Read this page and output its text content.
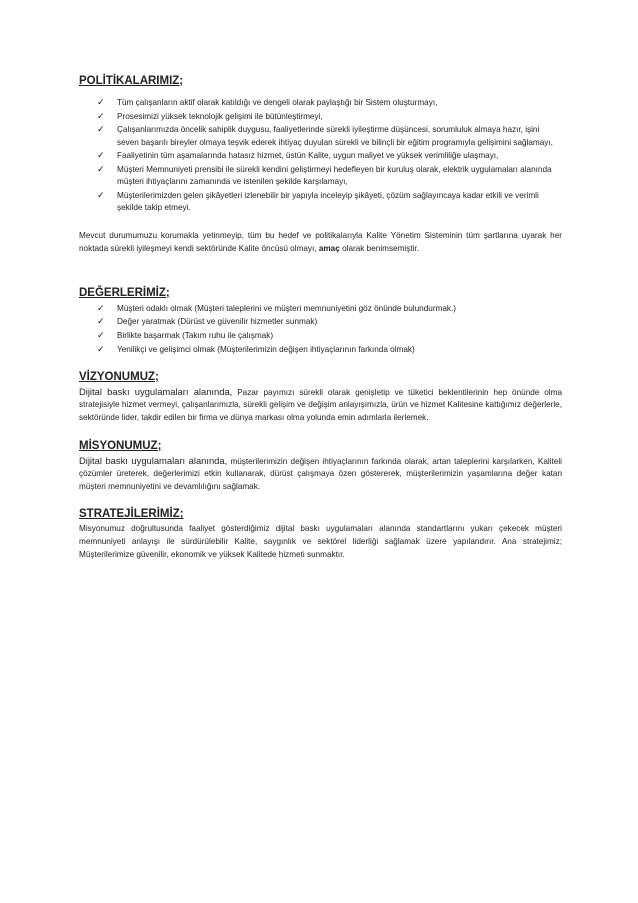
POLİTİKALARIMIZ;
✓ Tüm çalışanların aktif olarak katıldığı ve dengeli olarak paylaştığı bir Sistem oluşturmayı,
✓ Prosesimizi yüksek teknolojik gelişimi ile bütünleştirmeyi,
✓ Çalışanlarımızda öncelik sahiplik duygusu, faaliyetlerinde sürekli iyileştirme düşüncesi, sorumluluk almaya hazır, işini seven başarılı bireyler olmaya teşvik ederek ihtiyaç duyulan sürekli ve bilinçli bir eğitim programıyla gelişimini sağlamayı,
✓ Faaliyetinin tüm aşamalarında hatasız hizmet, üstün Kalite, uygun maliyet ve yüksek verimliliğe ulaşmayı,
✓ Müşteri Memnuniyeti prensibi ile sürekli kendini geliştirmeyi hedefleyen bir kuruluş olarak, elektrik uygulamaları alanında müşteri ihtiyaçlarını zamanında ve istenilen şekilde karşılamayı,
✓ Müşterilerimizden gelen şikâyetleri izlenebilir bir yapıyla inceleyip şikâyeti, çözüm sağlayıncaya kadar etkili ve verimli şekilde takip etmeyi.

Mevcut durumumuzu korumakla yetinmeyip, tüm bu hedef ve politikalarıyla Kalite Yönetim Sisteminin tüm şartlarına uyarak her noktada sürekli iyileşmeyi kendi sektöründe Kalite öncüsü olmayı, amaç olarak benimsemiştir.

DEĞERLERİMİZ;
✓ Müşteri odaklı olmak (Müşteri taleplerini ve müşteri memnuniyetini göz önünde bulundurmak.)
✓ Değer yaratmak (Dürüst ve güvenilir hizmetler sunmak)
✓ Birlikte başarmak (Takım ruhu ile çalışmak)
✓ Yenilikçi ve gelişimci olmak (Müşterilerimizin değişen ihtiyaçlarının farkında olmak)
VİZYONUMUZ;

Dijital baskı uygulamaları alanında, Pazar payımızı sürekli olarak genişletip ve tüketici beklentilerinin hep önünde olma stratejisiyle hizmet vermeyi, çalışanlarımızla, sürekli gelişim ve değişim anlayışımızla, ürün ve hizmet Kalitesine kattığımız değerlerle, sektöründe lider, takdir edilen bir firma ve dünya markası olma yolunda emin adımlarla ilerlemek.

MİSYONUMUZ;

Dijital baskı uygulamaları alanında, müşterilerimizin değişen ihtiyaçlarının farkında olarak, artan taleplerini karşılarken, Kaliteli çözümler üreterek, değerlerimizi etkin kullanarak, dürüst çalışmaya özen göstererek, müşterilerimizin yaşamlarına değer katan müşteri memnuniyetini ve devamlılığını sağlamak.

STRATEJİLERİMİZ;

Misyonumuz doğrultusunda faaliyet gösterdiğimiz dijital baskı uygulamaları alanında standartlarını yukarı çekecek müşteri memnuniyeti anlayışı ile sürdürülebilir Kalite, saygınlık ve sektörel liderliği sağlamak üzere yapılandırır. Ana stratejimiz; Müşterilerimize güvenilir, ekonomik ve yüksek Kalitede hizmeti sunmaktır.
